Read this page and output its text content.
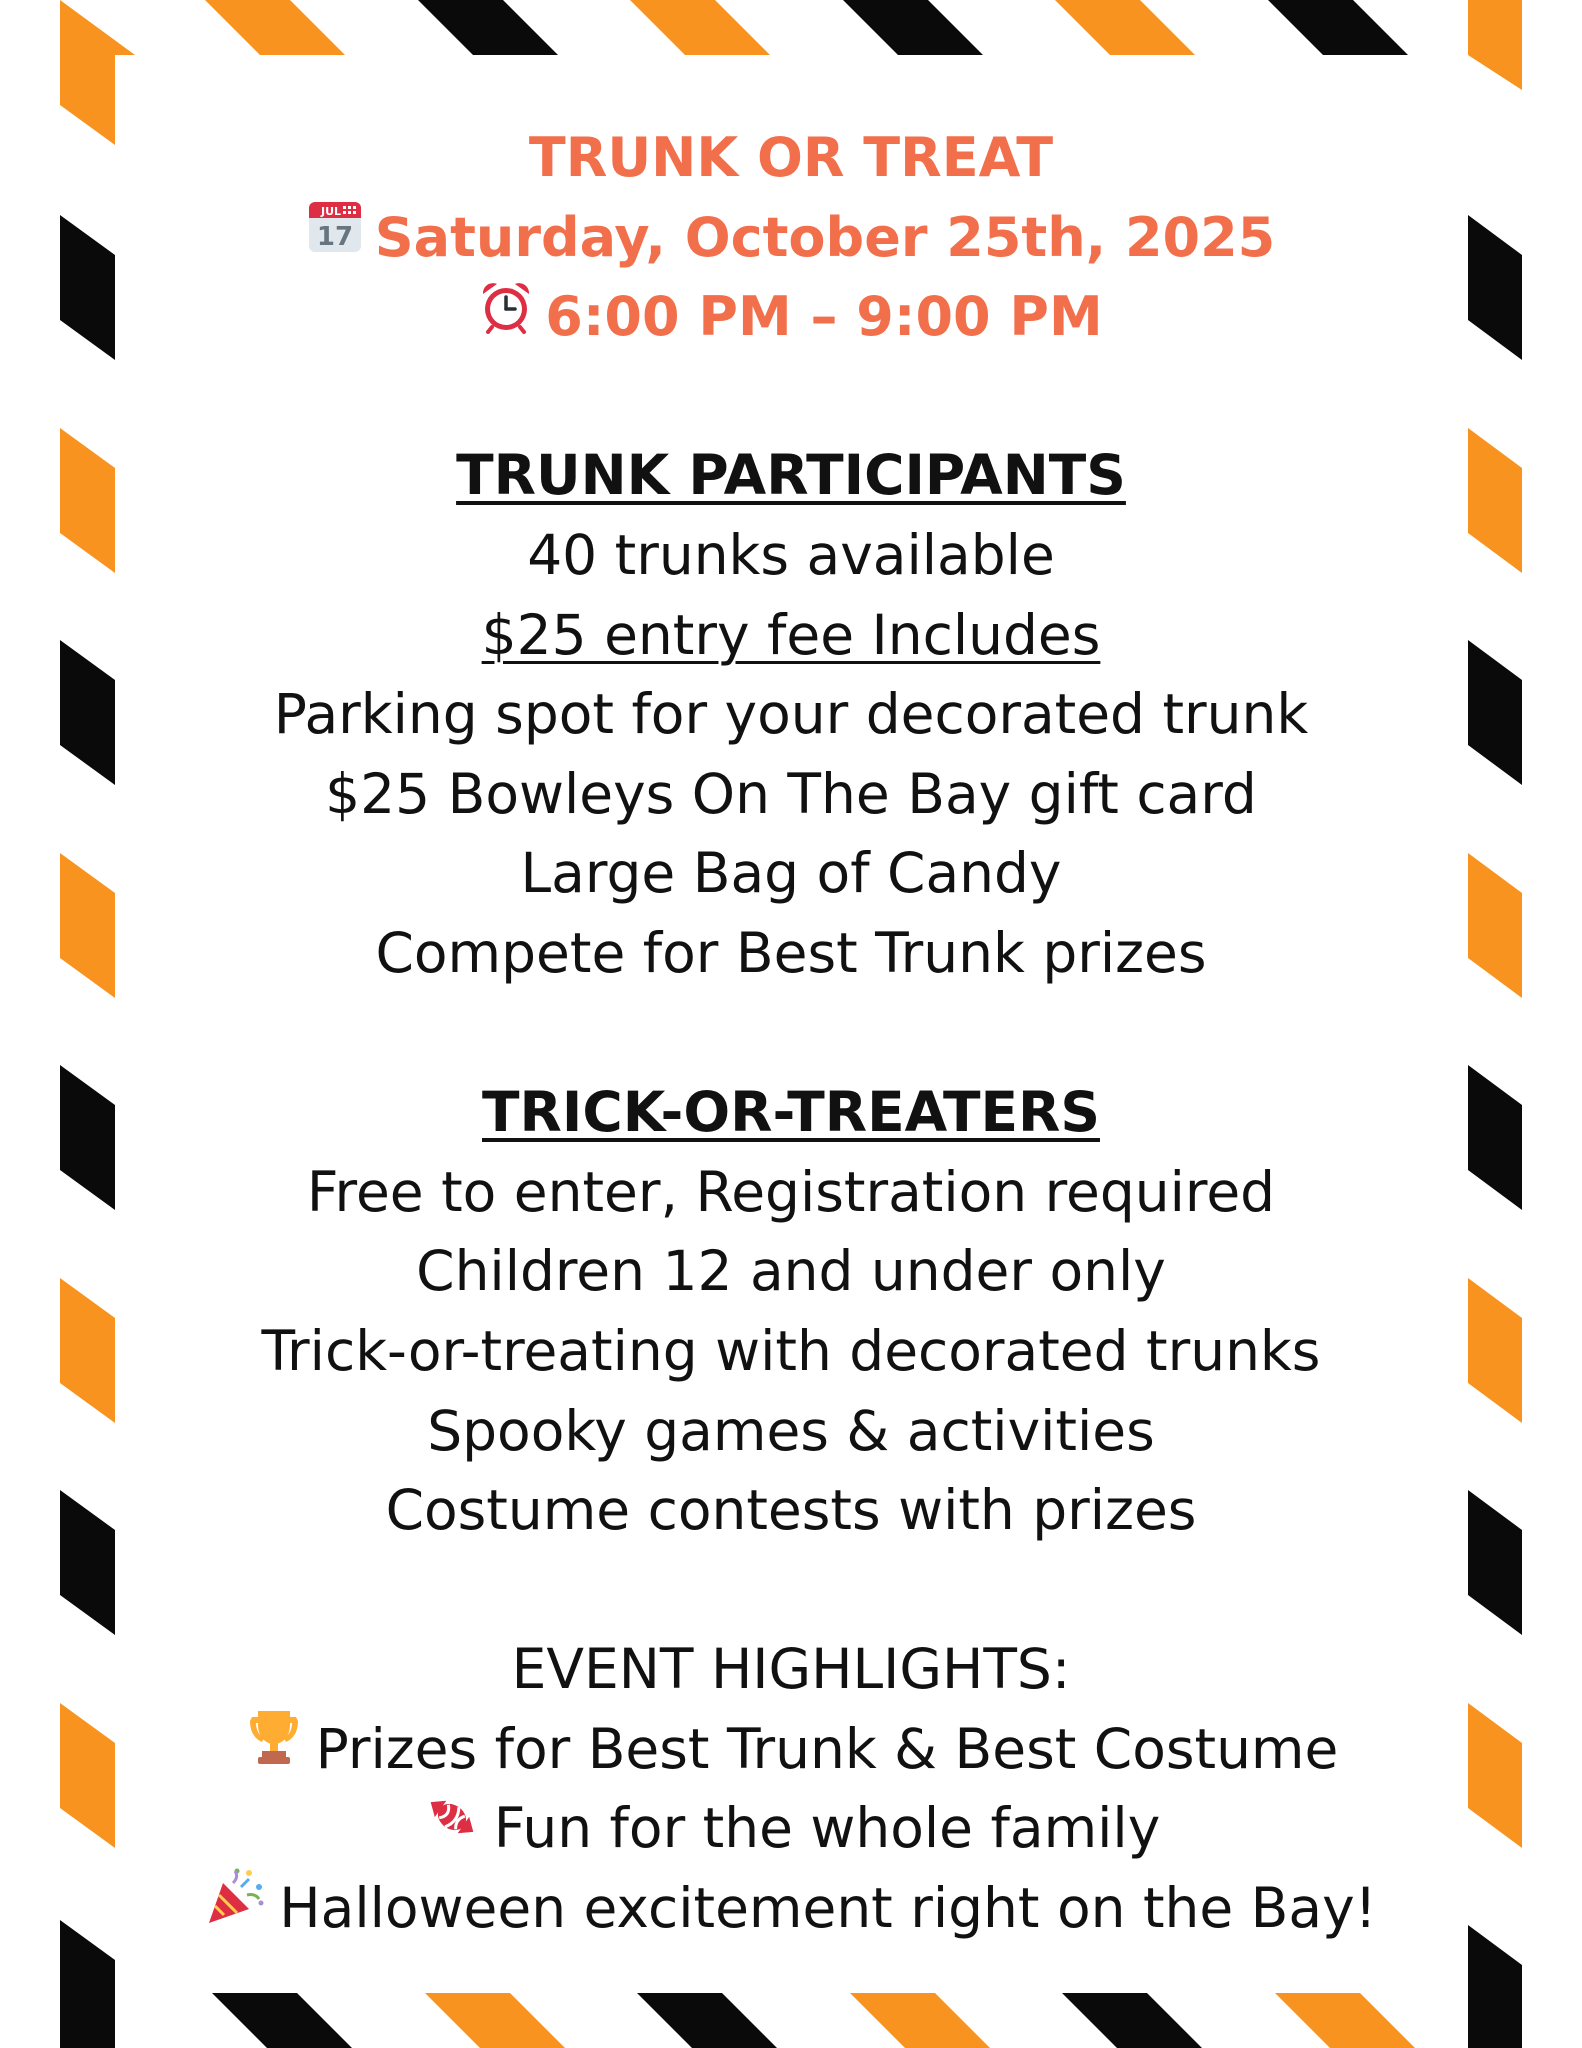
TRUNK OR TREAT
JUL
17 Saturday, October 25th, 2025
6:00 PM – 9:00 PM
TRUNK PARTICIPANTS
40 trunks available
$25 entry fee Includes
Parking spot for your decorated trunk
$25 Bowleys On The Bay gift card
Large Bag of Candy
Compete for Best Trunk prizes
TRICK-OR-TREATERS
Free to enter, Registration required
Children 12 and under only
Trick-or-treating with decorated trunks
Spooky games & activities
Costume contests with prizes
EVENT HIGHLIGHTS:
Prizes for Best Trunk & Best Costume
Fun for the whole family
Halloween excitement right on the Bay!
